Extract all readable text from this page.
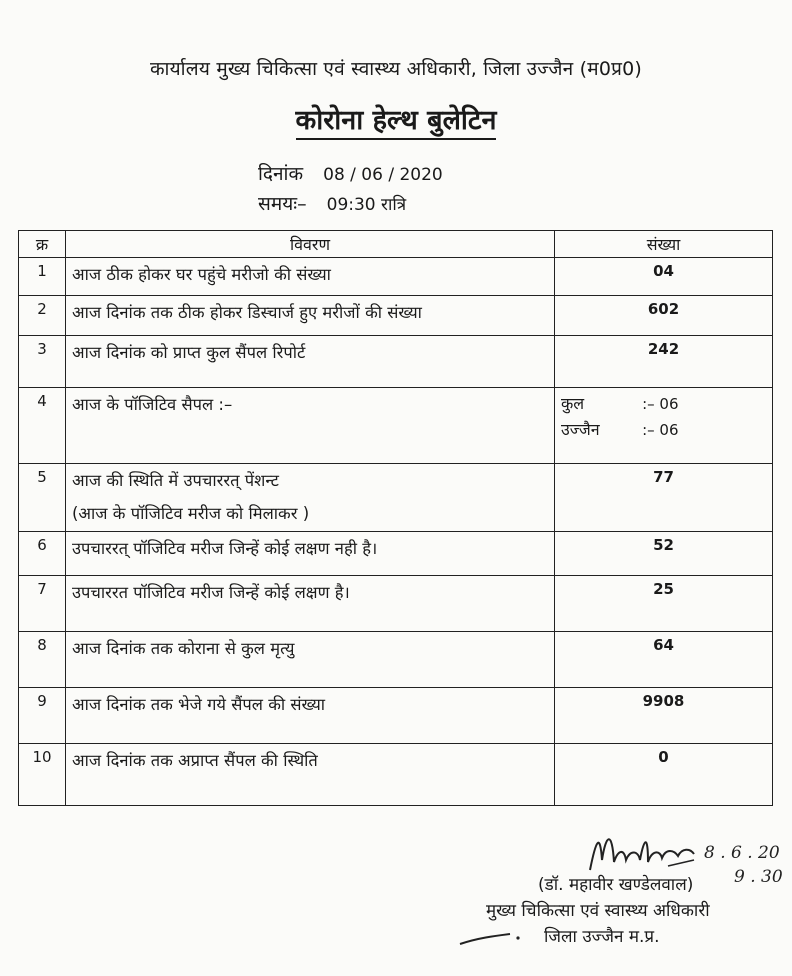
कार्यालय मुख्य चिकित्सा एवं स्वास्थ्य अधिकारी, जिला उज्जैन (म0प्र0)
कोरोना हेल्थ बुलेटिन
दिनांक 08 / 06 / 2020
समयः– 09:30 रात्रि
क्र	विवरण	संख्या
1	आज ठीक होकर घर पहुंचे मरीजो की संख्या	04
2	आज दिनांक तक ठीक होकर डिस्चार्ज हुए मरीजों की संख्या	602
3	आज दिनांक को प्राप्त कुल सैंपल रिपोर्ट	242
4	आज के पॉजिटिव सैपल :–	कुल :– 06
उज्जैन :– 06

5	आज की स्थिति में उपचाररत् पेंशन्ट
(आज के पॉजिटिव मरीज को मिलाकर )	77
6	उपचाररत् पॉजिटिव मरीज जिन्हें कोई लक्षण नही है।	52
7	उपचाररत पॉजिटिव मरीज जिन्हें कोई लक्षण है।	25
8	आज दिनांक तक कोराना से कुल मृत्यु	64
9	आज दिनांक तक भेजे गये सैंपल की संख्या	9908
10	आज दिनांक तक अप्राप्त सैंपल की स्थिति	0
8 . 6 . 20
9 . 30
(डॉ. महावीर खण्डेलवाल)
मुख्य चिकित्सा एवं स्वास्थ्य अधिकारी
जिला उज्जैन म.प्र.
